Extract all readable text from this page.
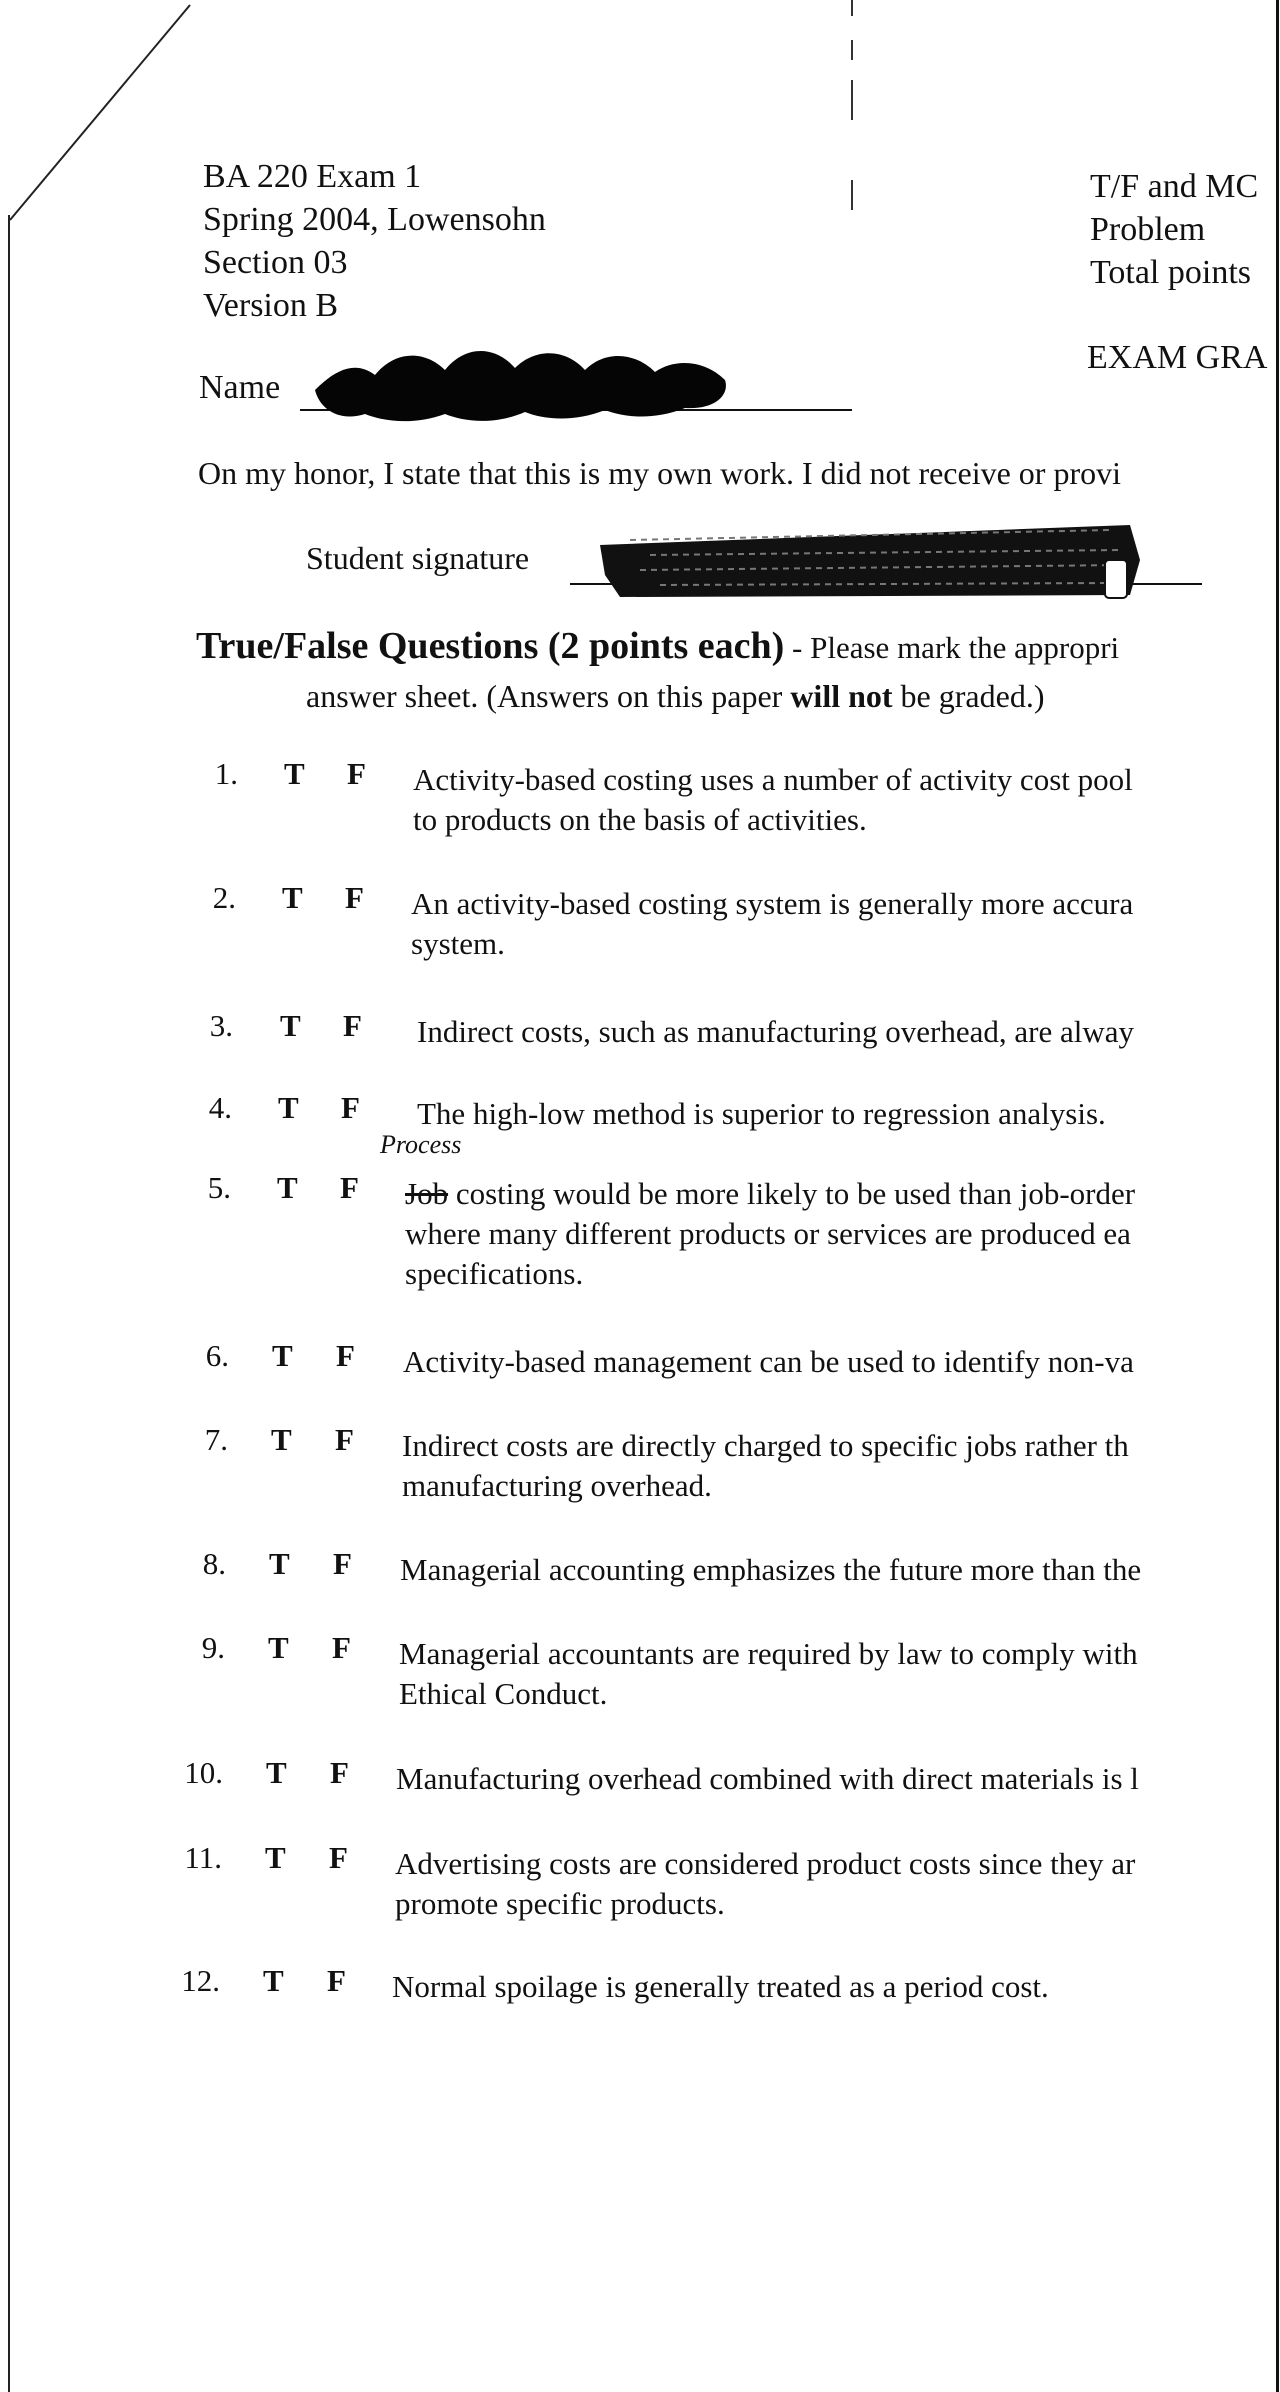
BA 220 Exam 1
Spring 2004, Lowensohn
Section 03
Version B
T/F and MC
Problem
Total points
EXAM GRA
Name
On my honor, I state that this is my own work. I did not receive or provi
Student signature
True/False Questions (2 points each) - Please mark the appropri
answer sheet. (Answers on this paper will not be graded.)
1. T F Activity-based costing uses a number of activity cost pool
to products on the basis of activities.
2. T F An activity-based costing system is generally more accura
system.
3. T F Indirect costs, such as manufacturing overhead, are alway
4. T F The high-low method is superior to regression analysis.
5. T F
Process
Job costing would be more likely to be used than job-order
where many different products or services are produced ea
specifications.
6. T F Activity-based management can be used to identify non-va
7. T F Indirect costs are directly charged to specific jobs rather th
manufacturing overhead.
8. T F Managerial accounting emphasizes the future more than the
9. T F Managerial accountants are required by law to comply with
Ethical Conduct.
10. T F Manufacturing overhead combined with direct materials is l
11. T F Advertising costs are considered product costs since they ar
promote specific products.
12. T F Normal spoilage is generally treated as a period cost.
